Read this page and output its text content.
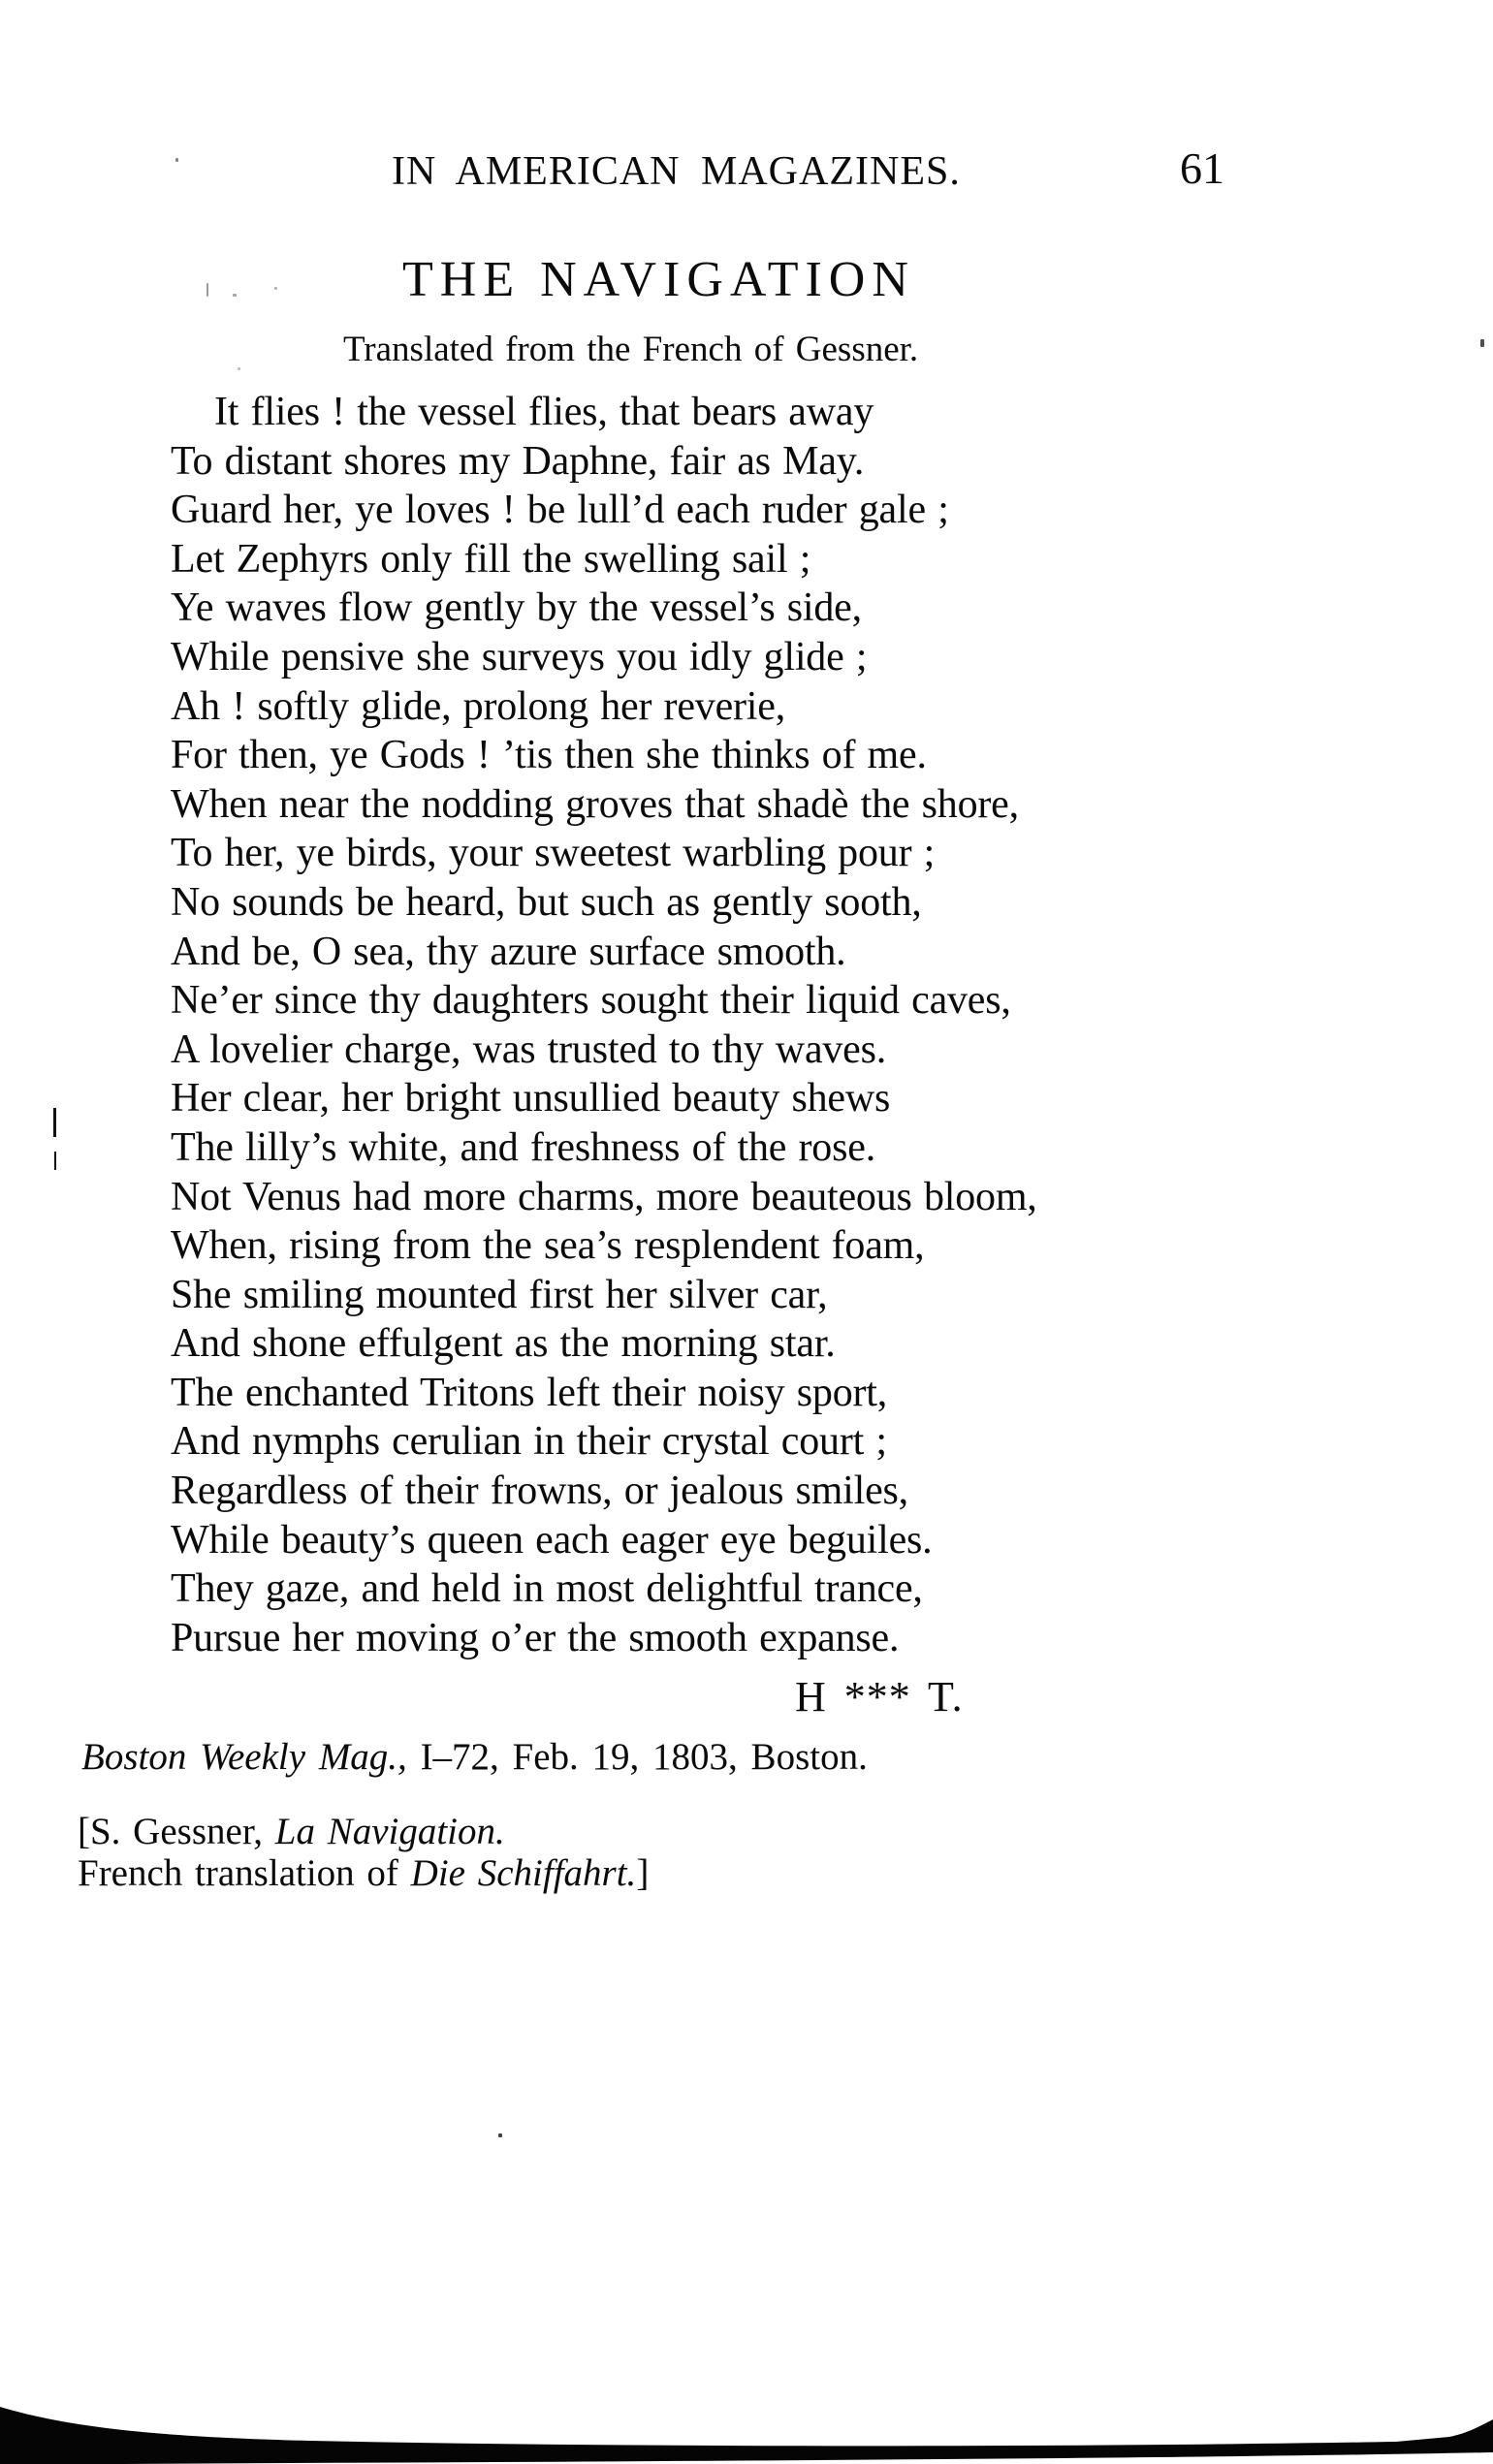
IN AMERICAN MAGAZINES.	61
THE NAVIGATION
Translated from the French of Gessner.
It flies ! the vessel flies, that bears away
To distant shores my Daphne, fair as May.
Guard her, ye loves ! be lull’d each ruder gale ;
Let Zephyrs only fill the swelling sail ;
Ye waves flow gently by the vessel’s side,
While pensive she surveys you idly glide ;
Ah ! softly glide, prolong her reverie,
For then, ye Gods ! ’tis then she thinks of me.
When near the nodding groves that shadè the shore,
To her, ye birds, your sweetest warbling pour ;
No sounds be heard, but such as gently sooth,
And be, O sea, thy azure surface smooth.
Ne’er since thy daughters sought their liquid caves,
A lovelier charge, was trusted to thy waves.
Her clear, her bright unsullied beauty shews
The lilly’s white, and freshness of the rose.
Not Venus had more charms, more beauteous bloom,
When, rising from the sea’s resplendent foam,
She smiling mounted first her silver car,
And shone effulgent as the morning star.
The enchanted Tritons left their noisy sport,
And nymphs cerulian in their crystal court ;
Regardless of their frowns, or jealous smiles,
While beauty’s queen each eager eye beguiles.
They gaze, and held in most delightful trance,
Pursue her moving o’er the smooth expanse.
H *** T.
Boston Weekly Mag., I–72, Feb. 19, 1803, Boston.
[S. Gessner, La Navigation.
French translation of Die Schiffahrt.]
